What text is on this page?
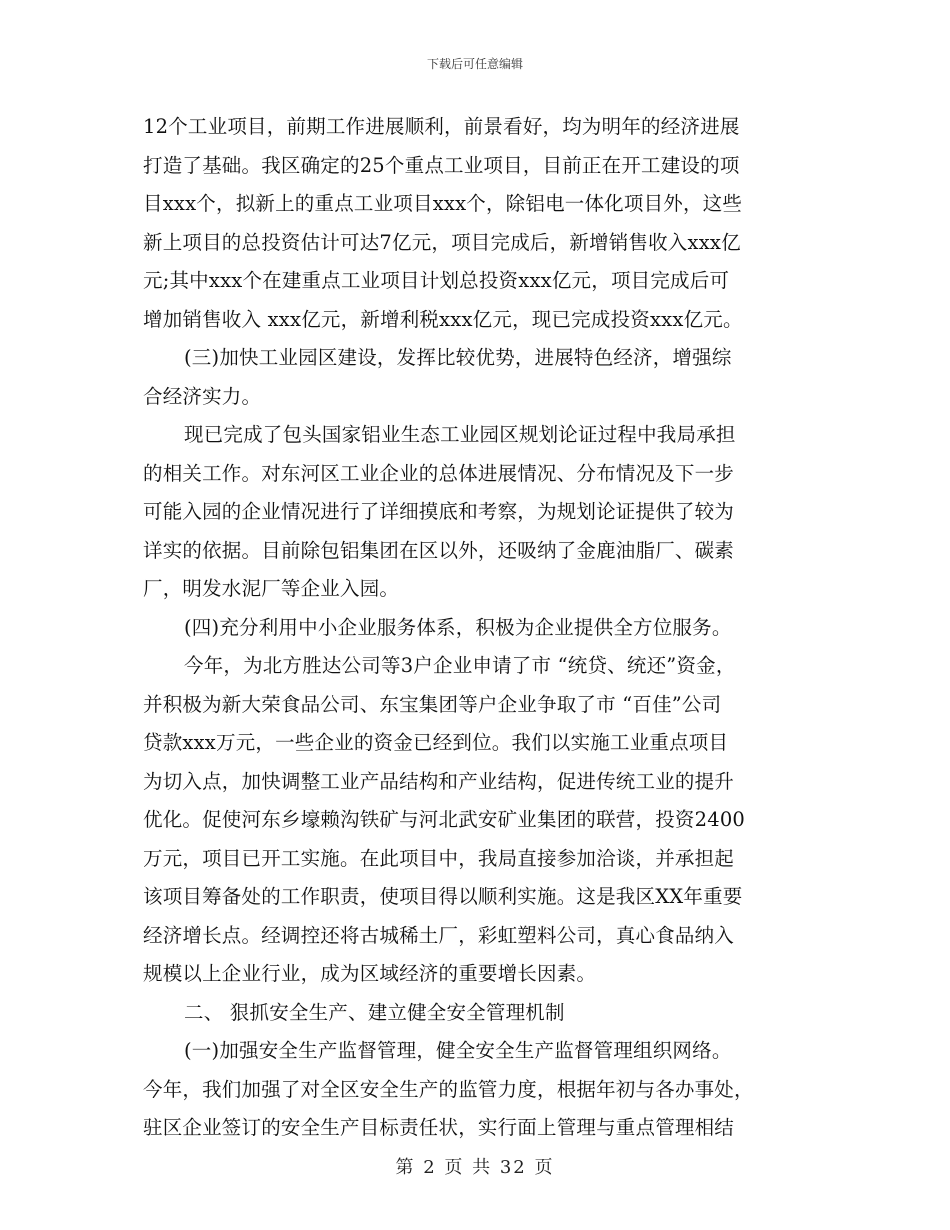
下载后可任意编辑
12个工业项目，前期工作进展顺利，前景看好，均为明年的经济进展
打造了基础。我区确定的25个重点工业项目，目前正在开工建设的项
目xxx个，拟新上的重点工业项目xxx个，除铝电一体化项目外，这些
新上项目的总投资估计可达7亿元，项目完成后，新增销售收入xxx亿
元;其中xxx个在建重点工业项目计划总投资xxx亿元，项目完成后可
增加销售收入 xxx亿元，新增利税xxx亿元，现已完成投资xxx亿元。
(三)加快工业园区建设，发挥比较优势，进展特色经济，增强综
合经济实力。
现已完成了包头国家铝业生态工业园区规划论证过程中我局承担
的相关工作。对东河区工业企业的总体进展情况、分布情况及下一步
可能入园的企业情况进行了详细摸底和考察，为规划论证提供了较为
详实的依据。目前除包铝集团在区以外，还吸纳了金鹿油脂厂、碳素
厂，明发水泥厂等企业入园。
(四)充分利用中小企业服务体系，积极为企业提供全方位服务。
今年，为北方胜达公司等3户企业申请了市 “统贷、统还”资金，
并积极为新大荣食品公司、东宝集团等户企业争取了市 “百佳”公司
贷款xxx万元，一些企业的资金已经到位。我们以实施工业重点项目
为切入点，加快调整工业产品结构和产业结构，促进传统工业的提升
优化。促使河东乡壕赖沟铁矿与河北武安矿业集团的联营，投资2400
万元，项目已开工实施。在此项目中，我局直接参加洽谈，并承担起
该项目筹备处的工作职责，使项目得以顺利实施。这是我区XX年重要
经济增长点。经调控还将古城稀土厂，彩虹塑料公司，真心食品纳入
规模以上企业行业，成为区域经济的重要增长因素。
二、 狠抓安全生产、建立健全安全管理机制
(一)加强安全生产监督管理，健全安全生产监督管理组织网络。
今年，我们加强了对全区安全生产的监管力度，根据年初与各办事处，
驻区企业签订的安全生产目标责任状，实行面上管理与重点管理相结
第 2 页 共 32 页
